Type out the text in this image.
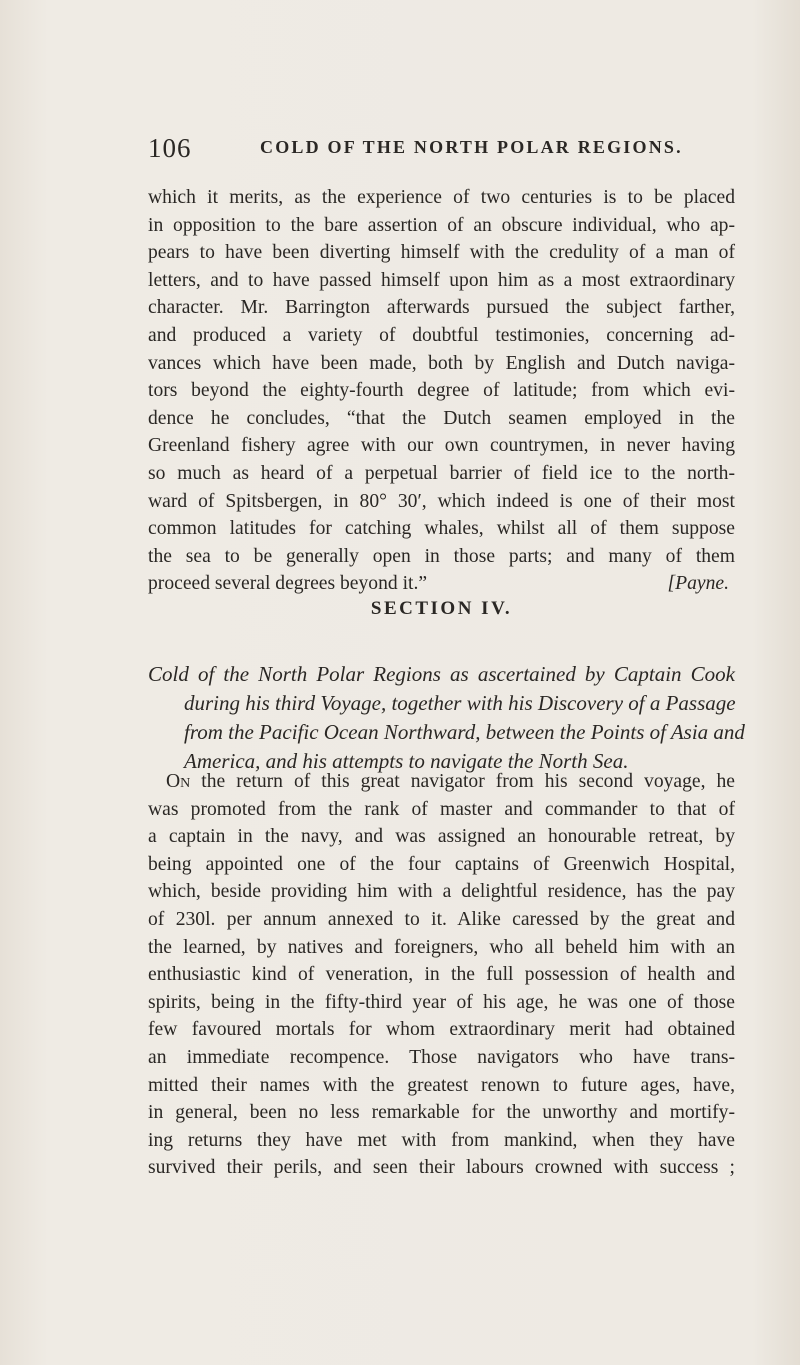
106	COLD OF THE NORTH POLAR REGIONS.
which it merits, as the experience of two centuries is to be placed
in opposition to the bare assertion of an obscure individual, who ap-
pears to have been diverting himself with the credulity of a man of
letters, and to have passed himself upon him as a most extraordinary
character. Mr. Barrington afterwards pursued the subject farther,
and produced a variety of doubtful testimonies, concerning ad-
vances which have been made, both by English and Dutch naviga-
tors beyond the eighty-fourth degree of latitude; from which evi-
dence he concludes, “that the Dutch seamen employed in the
Greenland fishery agree with our own countrymen, in never having
so much as heard of a perpetual barrier of field ice to the north-
ward of Spitsbergen, in 80° 30′, which indeed is one of their most
common latitudes for catching whales, whilst all of them suppose
the sea to be generally open in those parts; and many of them
proceed several degrees beyond it.”	[Payne.
SECTION IV.
Cold of the North Polar Regions as ascertained by Captain Cook
during his third Voyage, together with his Discovery of a Passage
from the Pacific Ocean Northward, between the Points of Asia and
America, and his attempts to navigate the North Sea.
On the return of this great navigator from his second voyage, he
was promoted from the rank of master and commander to that of
a captain in the navy, and was assigned an honourable retreat, by
being appointed one of the four captains of Greenwich Hospital,
which, beside providing him with a delightful residence, has the pay
of 230l. per annum annexed to it. Alike caressed by the great and
the learned, by natives and foreigners, who all beheld him with an
enthusiastic kind of veneration, in the full possession of health and
spirits, being in the fifty-third year of his age, he was one of those
few favoured mortals for whom extraordinary merit had obtained
an immediate recompence. Those navigators who have trans-
mitted their names with the greatest renown to future ages, have,
in general, been no less remarkable for the unworthy and mortify-
ing returns they have met with from mankind, when they have
survived their perils, and seen their labours crowned with success ;
